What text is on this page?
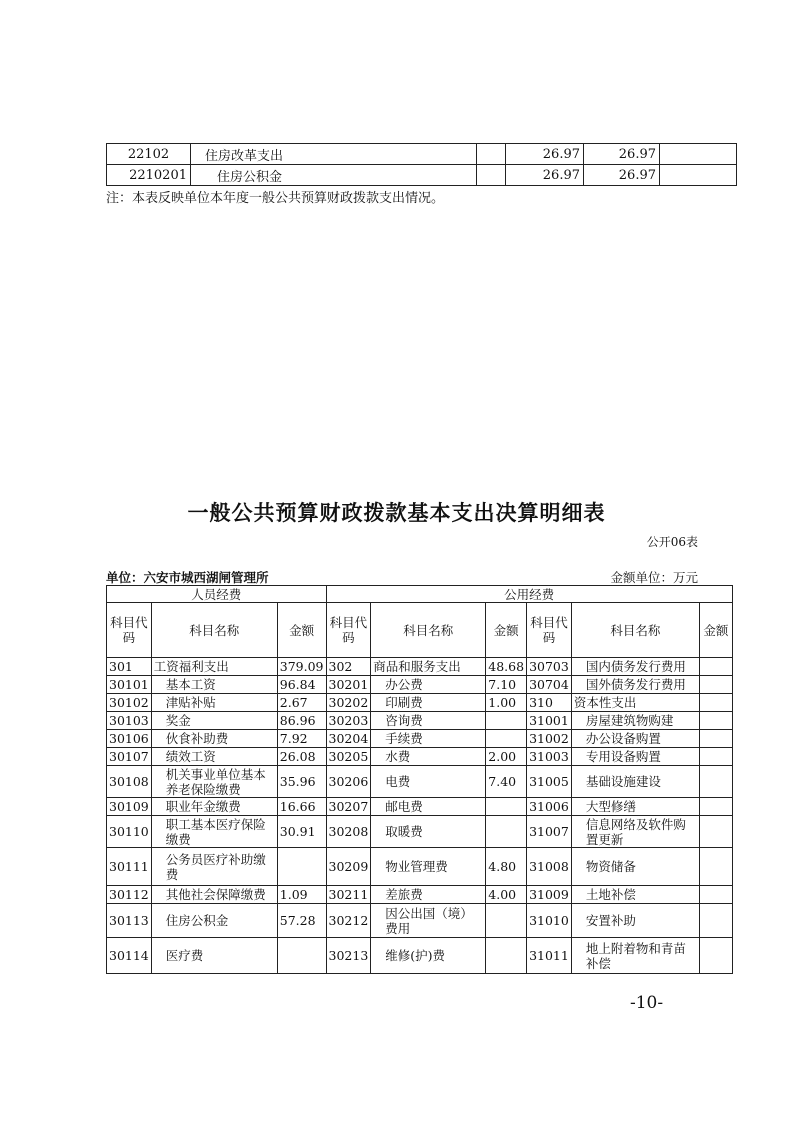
22102	住房改革支出		26.97	26.97	
2210201	住房公积金		26.97	26.97	
注：本表反映单位本年度一般公共预算财政拨款支出情况。
一般公共预算财政拨款基本支出决算明细表
公开06表
单位：六安市城西湖闸管理所	金额单位：万元
人员经费			公用经费					
科目代码	科目名称	金额	科目代码	科目名称	金额	科目代码	科目名称	金额
301	工资福利支出	379.09	302	商品和服务支出	48.68	30703	国内债务发行费用	
30101	基本工资	96.84	30201	办公费	7.10	30704	国外债务发行费用	
30102	津贴补贴	2.67	30202	印刷费	1.00	310	资本性支出	
30103	奖金	86.96	30203	咨询费		31001	房屋建筑物购建	
30106	伙食补助费	7.92	30204	手续费		31002	办公设备购置	
30107	绩效工资	26.08	30205	水费	2.00	31003	专用设备购置	
30108	机关事业单位基本养老保险缴费	35.96	30206	电费	7.40	31005	基础设施建设	
30109	职业年金缴费	16.66	30207	邮电费		31006	大型修缮	
30110	职工基本医疗保险缴费	30.91	30208	取暖费		31007	信息网络及软件购置更新	
30111	公务员医疗补助缴费		30209	物业管理费	4.80	31008	物资储备	
30112	其他社会保障缴费	1.09	30211	差旅费	4.00	31009	土地补偿	
30113	住房公积金	57.28	30212	因公出国（境）费用		31010	安置补助	
30114	医疗费		30213	维修(护)费		31011	地上附着物和青苗补偿	
-10-
